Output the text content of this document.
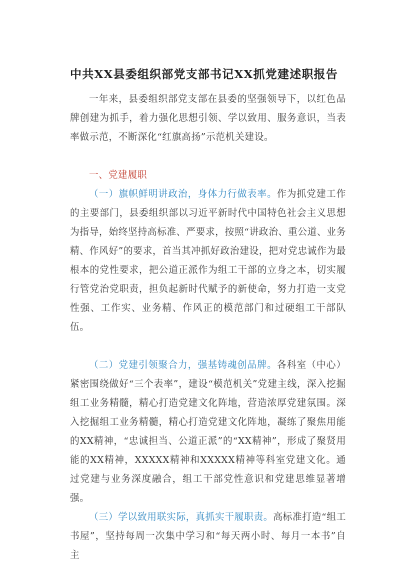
中共XX县委组织部党支部书记XX抓党建述职报告
一年来，县委组织部党支部在县委的坚强领导下，以红色品牌创建为抓手，着力强化思想引领、学以致用、服务意识，当表率做示范，不断深化“红旗高扬”示范机关建设。
一、党建履职
（一）旗帜鲜明讲政治，身体力行做表率。作为抓党建工作的主要部门，县委组织部以习近平新时代中国特色社会主义思想为指导，始终坚持高标准、严要求，按照“讲政治、重公道、业务精、作风好”的要求，首当其冲抓好政治建设，把对党忠诚作为最根本的党性要求，把公道正派作为组工干部的立身之本，切实履行管党治党职责，担负起新时代赋予的新使命，努力打造一支党性强、工作实、业务精、作风正的模范部门和过硬组工干部队伍。
（二）党建引领聚合力，强基铸魂创品牌。各科室（中心）紧密围绕做好“三个表率”，建设“模范机关”党建主线，深入挖掘组工业务精髓，精心打造党建文化阵地，营造浓厚党建氛围。深入挖掘组工业务精髓，精心打造党建文化阵地，凝练了聚焦用能的XX精神，“忠诚担当、公道正派”的“XX精神”，形成了聚贤用能的XX精神，XXXXX精神和XXXXX精神等科室党建文化。通过党建与业务深度融合，组工干部党性意识和党建思维显著增强。
（三）学以致用联实际，真抓实干履职责。高标准打造“组工书屋”，坚持每周一次集中学习和“每天两小时、每月一本书”自主
